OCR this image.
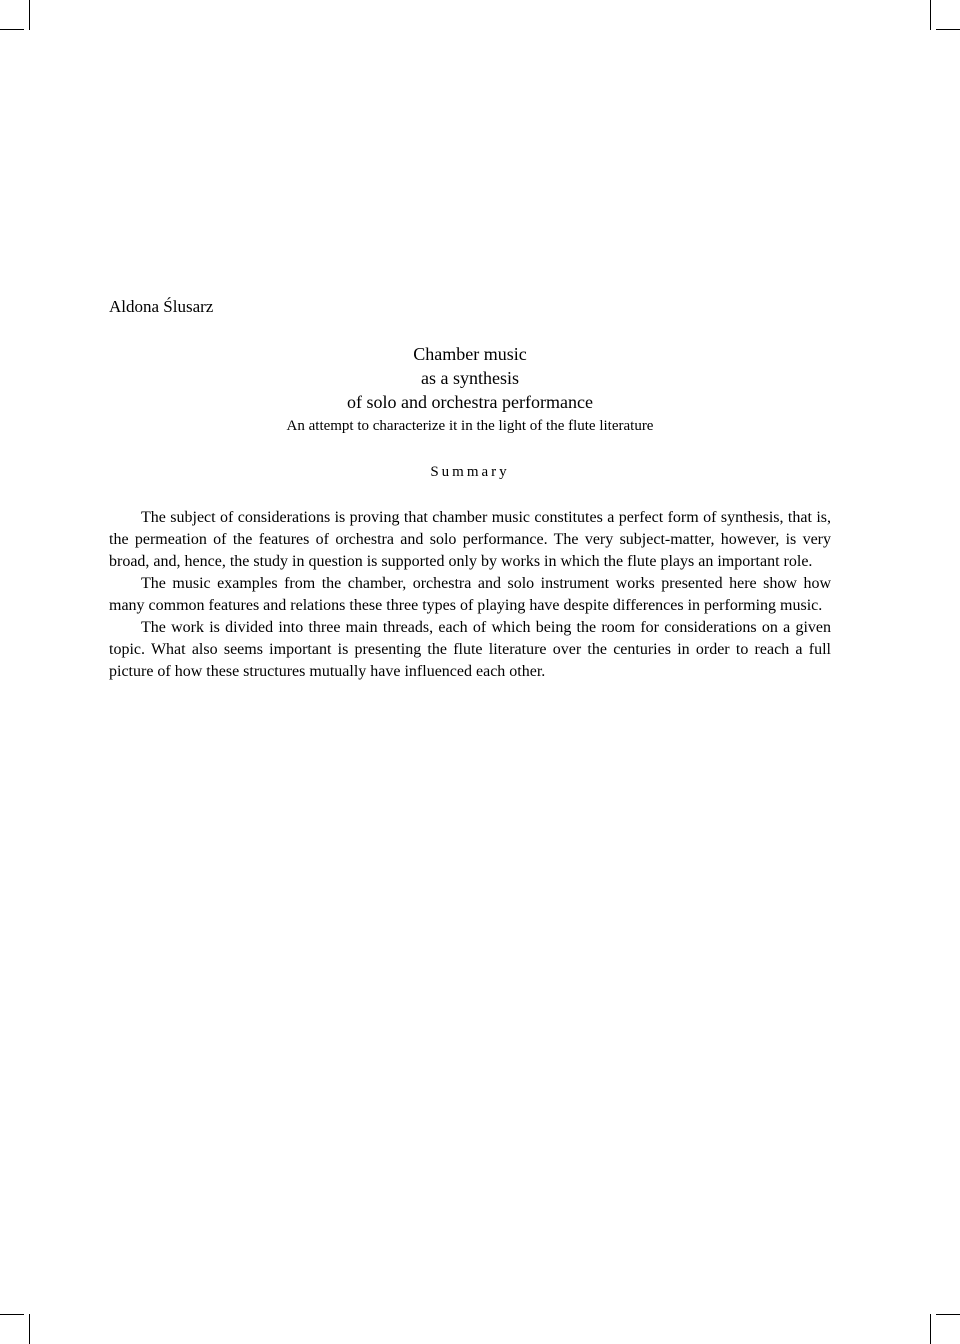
Aldona Ślusarz
Chamber music
as a synthesis
of solo and orchestra performance
An attempt to characterize it in the light of the flute literature
Summary

The subject of considerations is proving that chamber music constitutes a perfect form of synthesis, that is, the permeation of the features of orchestra and solo performance. The very subject-matter, however, is very broad, and, hence, the study in question is supported only by works in which the flute plays an important role.

The music examples from the chamber, orchestra and solo instrument works presented here show how many common features and relations these three types of playing have despite differences in performing music.

The work is divided into three main threads, each of which being the room for considerations on a given topic. What also seems important is presenting the flute literature over the centuries in order to reach a full picture of how these structures mutually have influenced each other.
